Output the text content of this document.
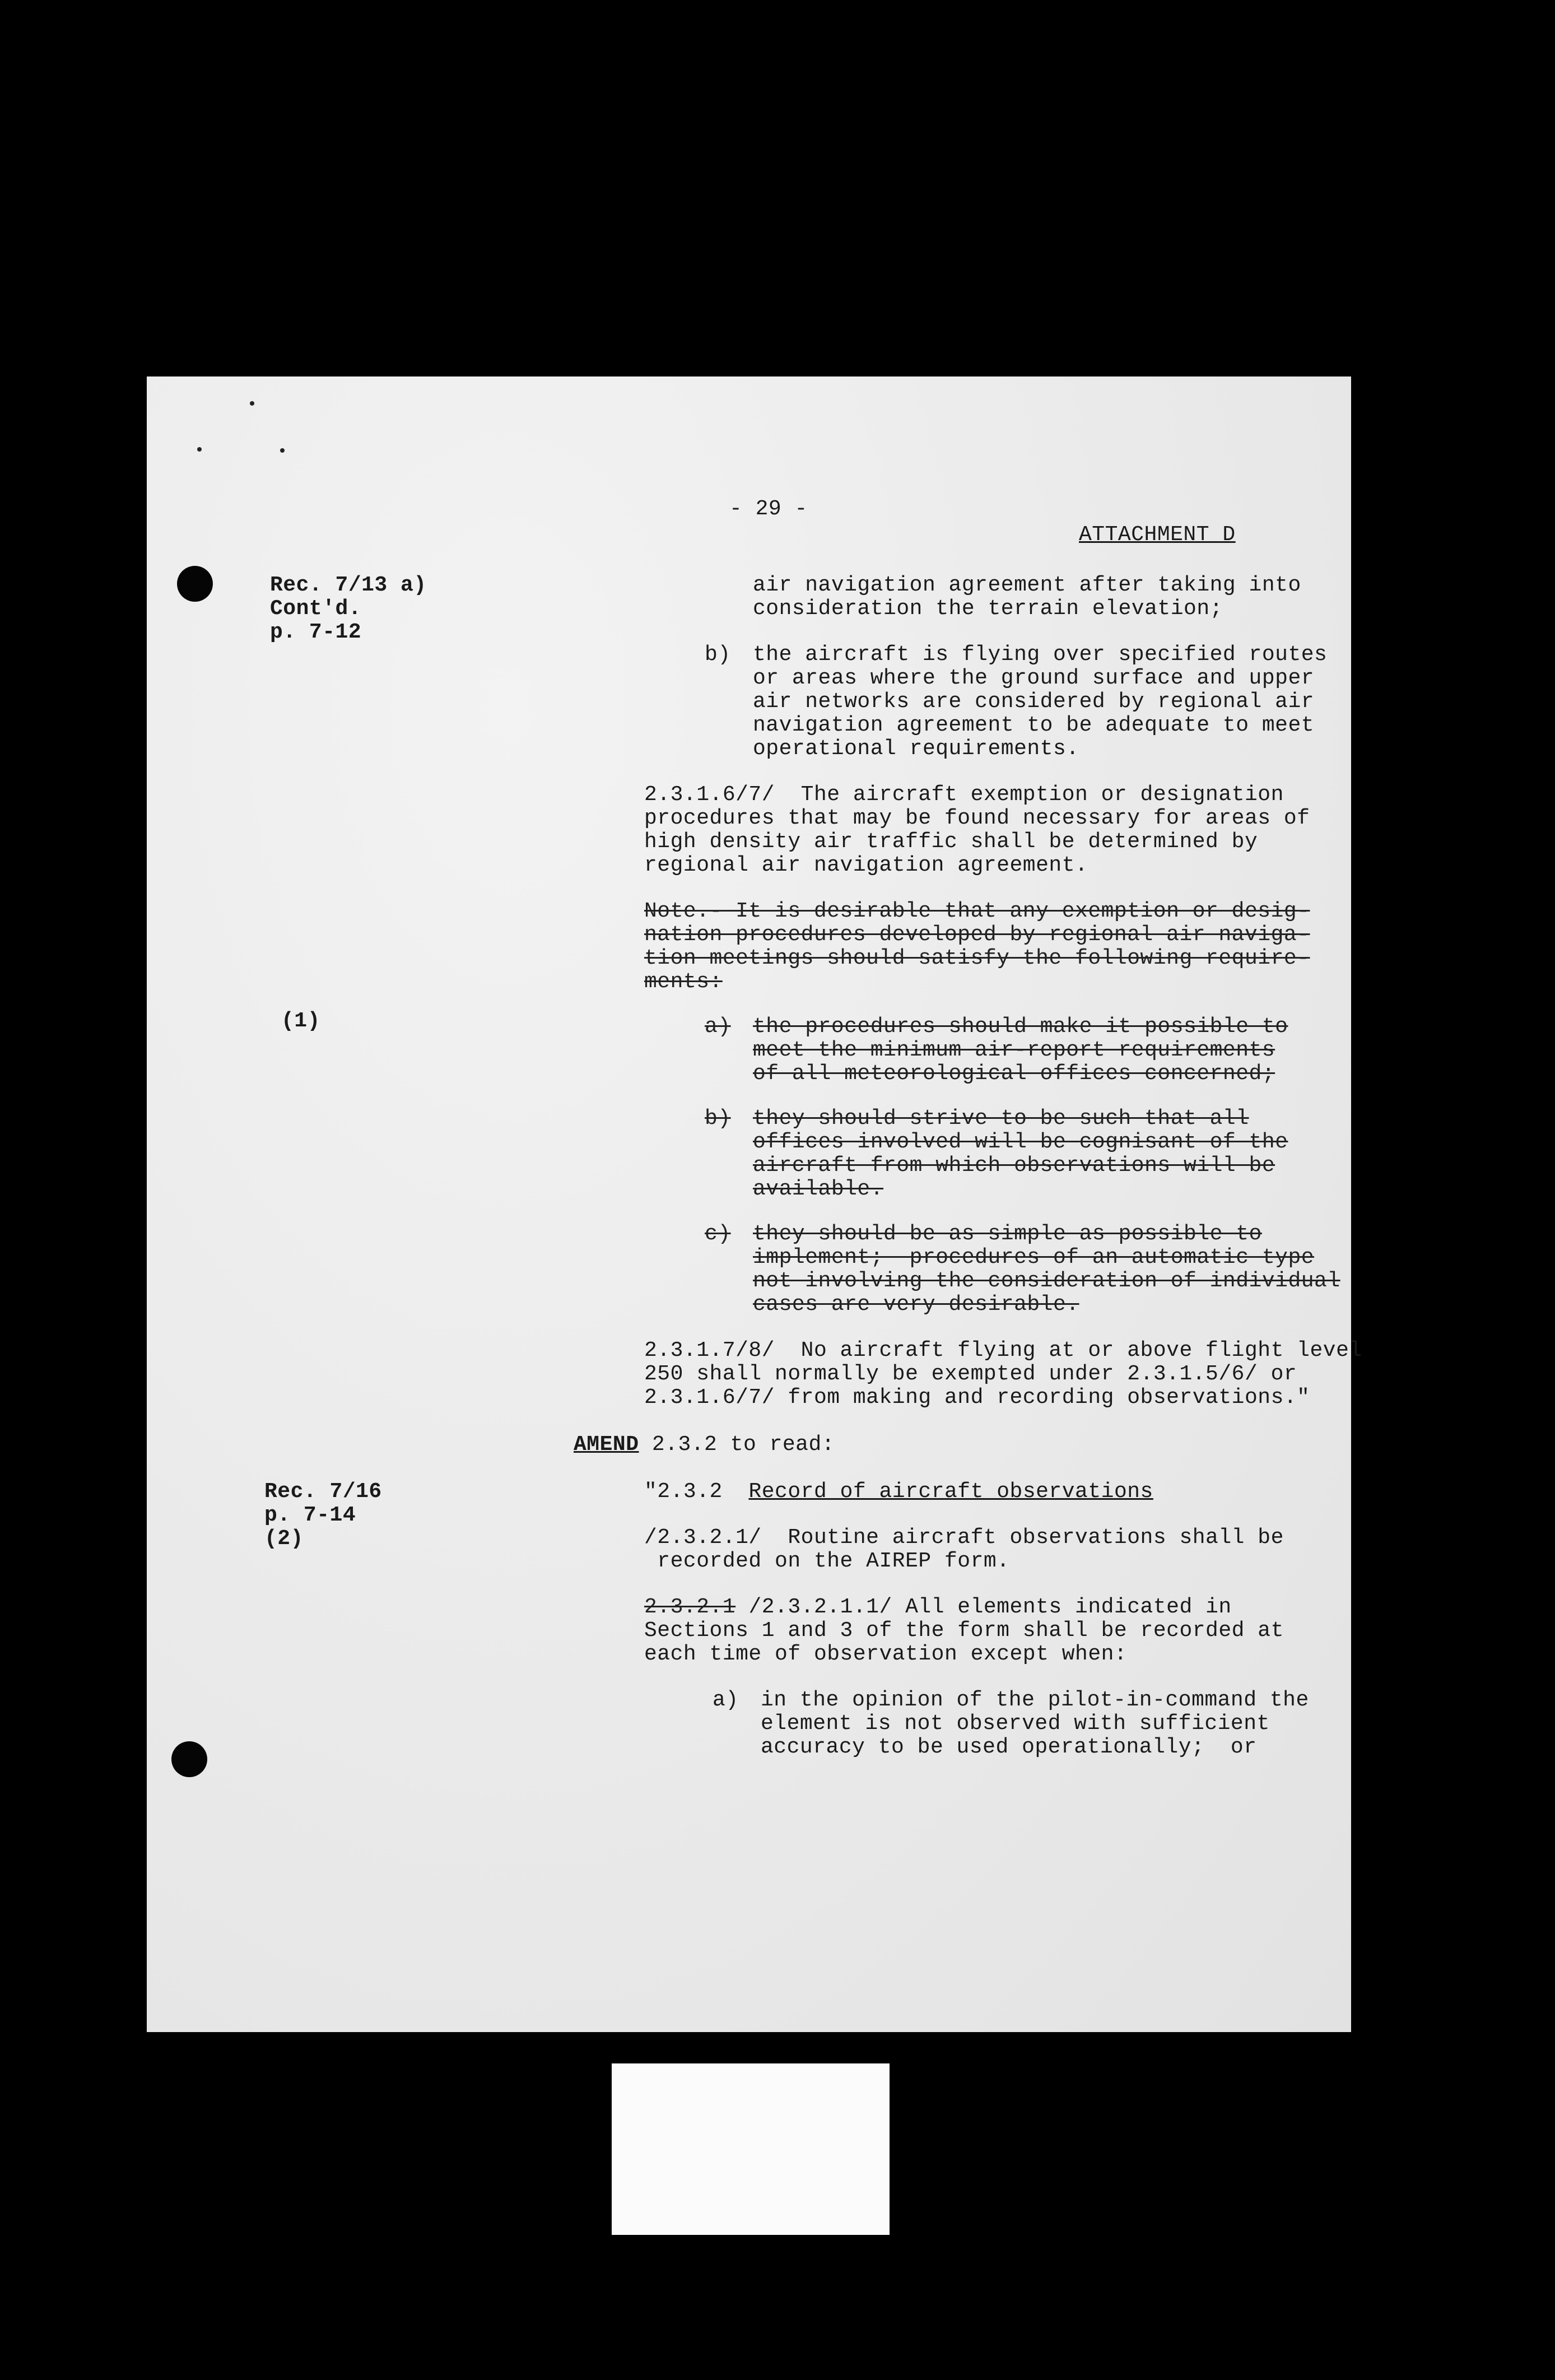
- 29 -
ATTACHMENT D
Rec. 7/13 a)
Cont'd.
p. 7-12
(1)
Rec. 7/16
p. 7-14
(2)
air navigation agreement after taking into
consideration the terrain elevation;
b) the aircraft is flying over specified routes
or areas where the ground surface and upper
air networks are considered by regional air
navigation agreement to be adequate to meet
operational requirements.
2.3.1.6/7/  The aircraft exemption or designation
procedures that may be found necessary for areas of
high density air traffic shall be determined by
regional air navigation agreement.
Note.- It is desirable that any exemption or desig-
nation procedures developed by regional air naviga-
tion meetings should satisfy the following require-
ments:
a) the procedures should make it possible to
meet the minimum air-report requirements
of all meteorological offices concerned;
b) they should strive to be such that all
offices involved will be cognisant of the
aircraft from which observations will be
available.
c) they should be as simple as possible to
implement;  procedures of an automatic type
not involving the consideration of individual
cases are very desirable.
2.3.1.7/8/  No aircraft flying at or above flight level
250 shall normally be exempted under 2.3.1.5/6/ or
2.3.1.6/7/ from making and recording observations."
AMEND 2.3.2 to read:
"2.3.2  Record of aircraft observations
/2.3.2.1/  Routine aircraft observations shall be
recorded on the AIREP form.
2.3.2.1 /2.3.2.1.1/ All elements indicated in
Sections 1 and 3 of the form shall be recorded at
each time of observation except when:
a) in the opinion of the pilot-in-command the
element is not observed with sufficient
accuracy to be used operationally;  or
